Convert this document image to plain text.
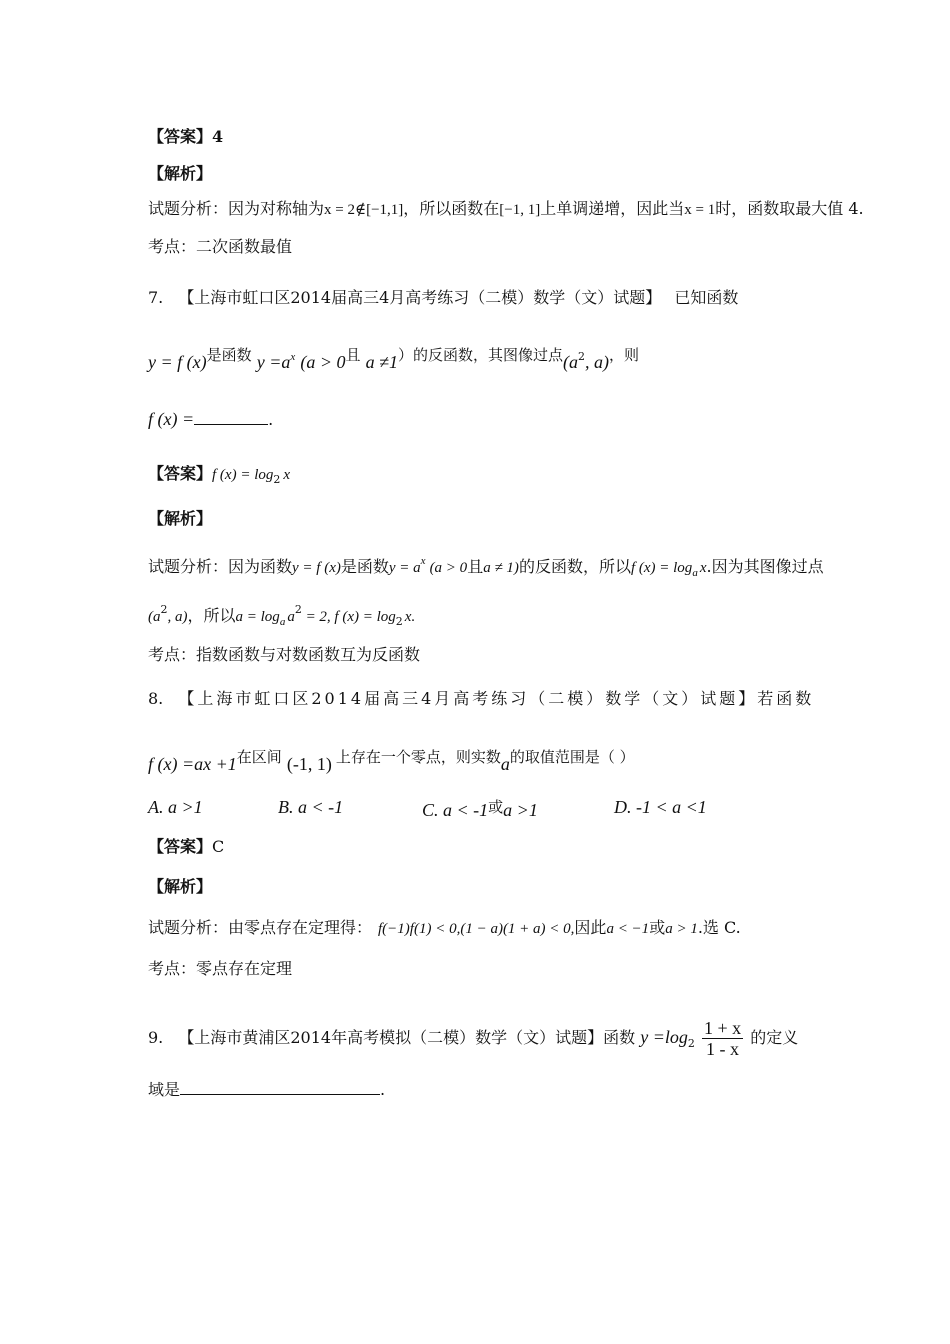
【答案】4
【解析】
试题分析：因为对称轴为x = 2∉[−1,1]，所以函数在[−1, 1]上单调递增，因此当x = 1时，函数取最大值 4.
考点：二次函数最值
7. 【上海市虹口区2014届高三4月高考练习（二模）数学（文）试题】 已知函数
y = f (x)是函数 $y =a^x$ (a > 0且 a ≠1）的反函数，其图像过点($a^2$, a)，则
f (x) =	.
【答案】f $(x) = \log_2 x$
【解析】
试题分析：因为函数y = f (x)是函数$y = a^x$ (a > 0且a ≠ 1)的反函数，所以f $(x) = \log_a x$.因为其图像过点
($a^2$, a)，所以$a = \log_a a^2 = 2$, f $(x) = \log_2 x$.
考点：指数函数与对数函数互为反函数
8. 【上海市虹口区2014届高三4月高考练习（二模）数学（文）试题】若函数
f (x) =ax +1在区间 (-1, 1) 上存在一个零点，则实数a的取值范围是（ ）
A. a >1	B. a < -1	C. a < -1或a >1	D. -1 < a <1
【答案】C
【解析】
试题分析：由零点存在定理得： f(−1)f(1) < 0,(1 − a)(1 + a) < 0,因此a < −1或a > 1.选 C.
考点：零点存在定理
9. 【上海市黄浦区2014年高考模拟（二模）数学（文）试题】函数 $y =\log_2 \frac{1 + x}{1 - x}$ 的定义
域是	.
